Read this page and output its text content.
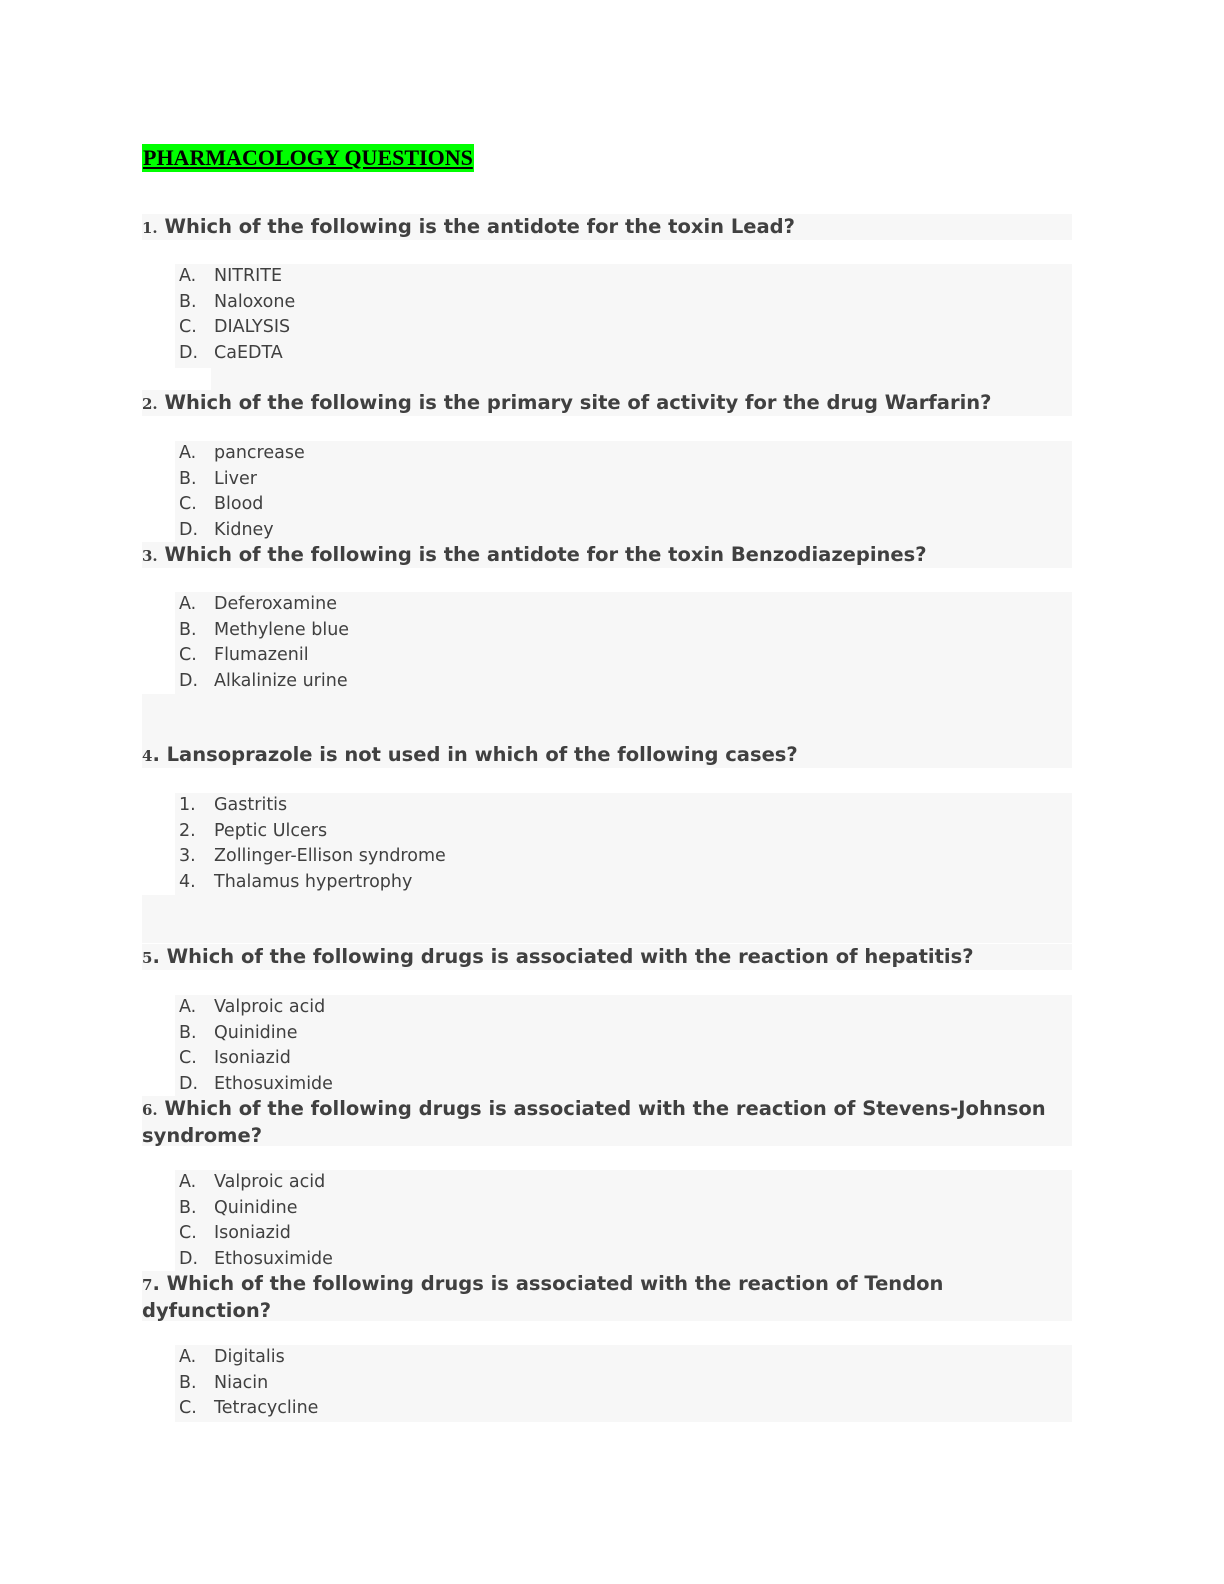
PHARMACOLOGY QUESTIONS
1. Which of the following is the antidote for the toxin Lead?
A. NITRITE
B. Naloxone
C. DIALYSIS
D. CaEDTA
2. Which of the following is the primary site of activity for the drug Warfarin?
A. pancrease
B. Liver
C. Blood
D. Kidney
3. Which of the following is the antidote for the toxin Benzodiazepines?
A. Deferoxamine
B. Methylene blue
C. Flumazenil
D. Alkalinize urine
4. Lansoprazole is not used in which of the following cases?
1. Gastritis
2. Peptic Ulcers
3. Zollinger-Ellison syndrome
4. Thalamus hypertrophy
5. Which of the following drugs is associated with the reaction of hepatitis?
A. Valproic acid
B. Quinidine
C. Isoniazid
D. Ethosuximide
6. Which of the following drugs is associated with the reaction of Stevens-Johnson syndrome?
A. Valproic acid
B. Quinidine
C. Isoniazid
D. Ethosuximide
7. Which of the following drugs is associated with the reaction of Tendon dyfunction?
A. Digitalis
B. Niacin
C. Tetracycline
